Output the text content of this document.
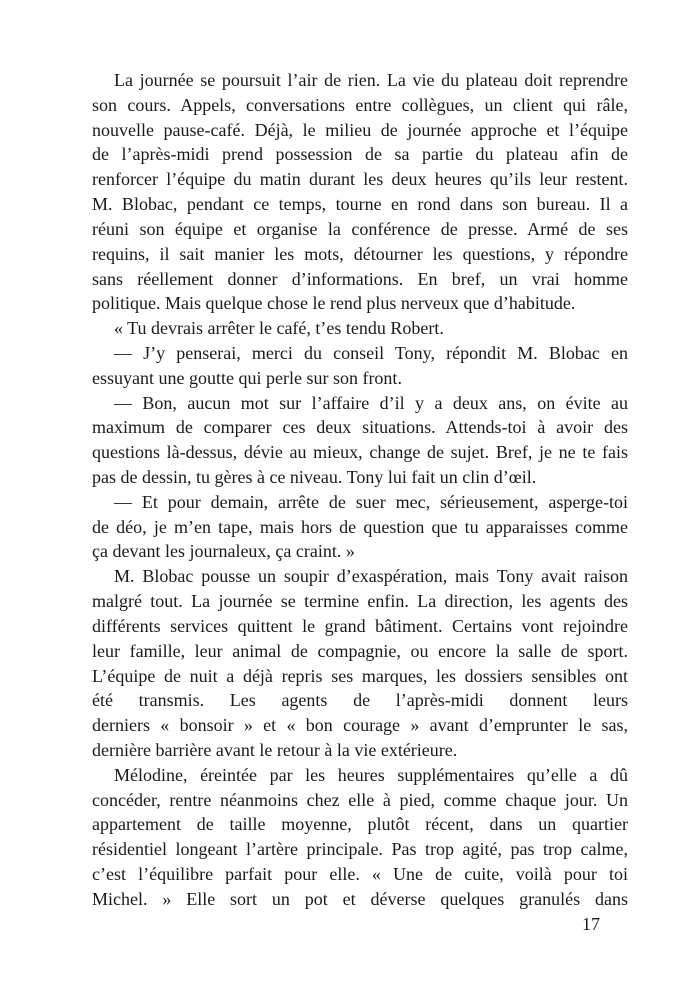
La journée se poursuit l’air de rien. La vie du plateau doit reprendre
son cours. Appels, conversations entre collègues, un client qui râle,
nouvelle pause-café. Déjà, le milieu de journée approche et l’équipe
de l’après-midi prend possession de sa partie du plateau afin de
renforcer l’équipe du matin durant les deux heures qu’ils leur restent.
M. Blobac, pendant ce temps, tourne en rond dans son bureau. Il a
réuni son équipe et organise la conférence de presse. Armé de ses
requins, il sait manier les mots, détourner les questions, y répondre
sans réellement donner d’informations. En bref, un vrai homme
politique. Mais quelque chose le rend plus nerveux que d’habitude.
« Tu devrais arrêter le café, t’es tendu Robert.
— J’y penserai, merci du conseil Tony, répondit M. Blobac en
essuyant une goutte qui perle sur son front.
— Bon, aucun mot sur l’affaire d’il y a deux ans, on évite au
maximum de comparer ces deux situations. Attends-toi à avoir des
questions là-dessus, dévie au mieux, change de sujet. Bref, je ne te fais
pas de dessin, tu gères à ce niveau. Tony lui fait un clin d’œil.
— Et pour demain, arrête de suer mec, sérieusement, asperge-toi
de déo, je m’en tape, mais hors de question que tu apparaisses comme
ça devant les journaleux, ça craint. »
M. Blobac pousse un soupir d’exaspération, mais Tony avait raison
malgré tout. La journée se termine enfin. La direction, les agents des
différents services quittent le grand bâtiment. Certains vont rejoindre
leur famille, leur animal de compagnie, ou encore la salle de sport.
L’équipe de nuit a déjà repris ses marques, les dossiers sensibles ont
été transmis. Les agents de l’après-midi donnent leurs
derniers « bonsoir » et « bon courage » avant d’emprunter le sas,
dernière barrière avant le retour à la vie extérieure.
Mélodine, éreintée par les heures supplémentaires qu’elle a dû
concéder, rentre néanmoins chez elle à pied, comme chaque jour. Un
appartement de taille moyenne, plutôt récent, dans un quartier
résidentiel longeant l’artère principale. Pas trop agité, pas trop calme,
c’est l’équilibre parfait pour elle. « Une de cuite, voilà pour toi
Michel. » Elle sort un pot et déverse quelques granulés dans
17
